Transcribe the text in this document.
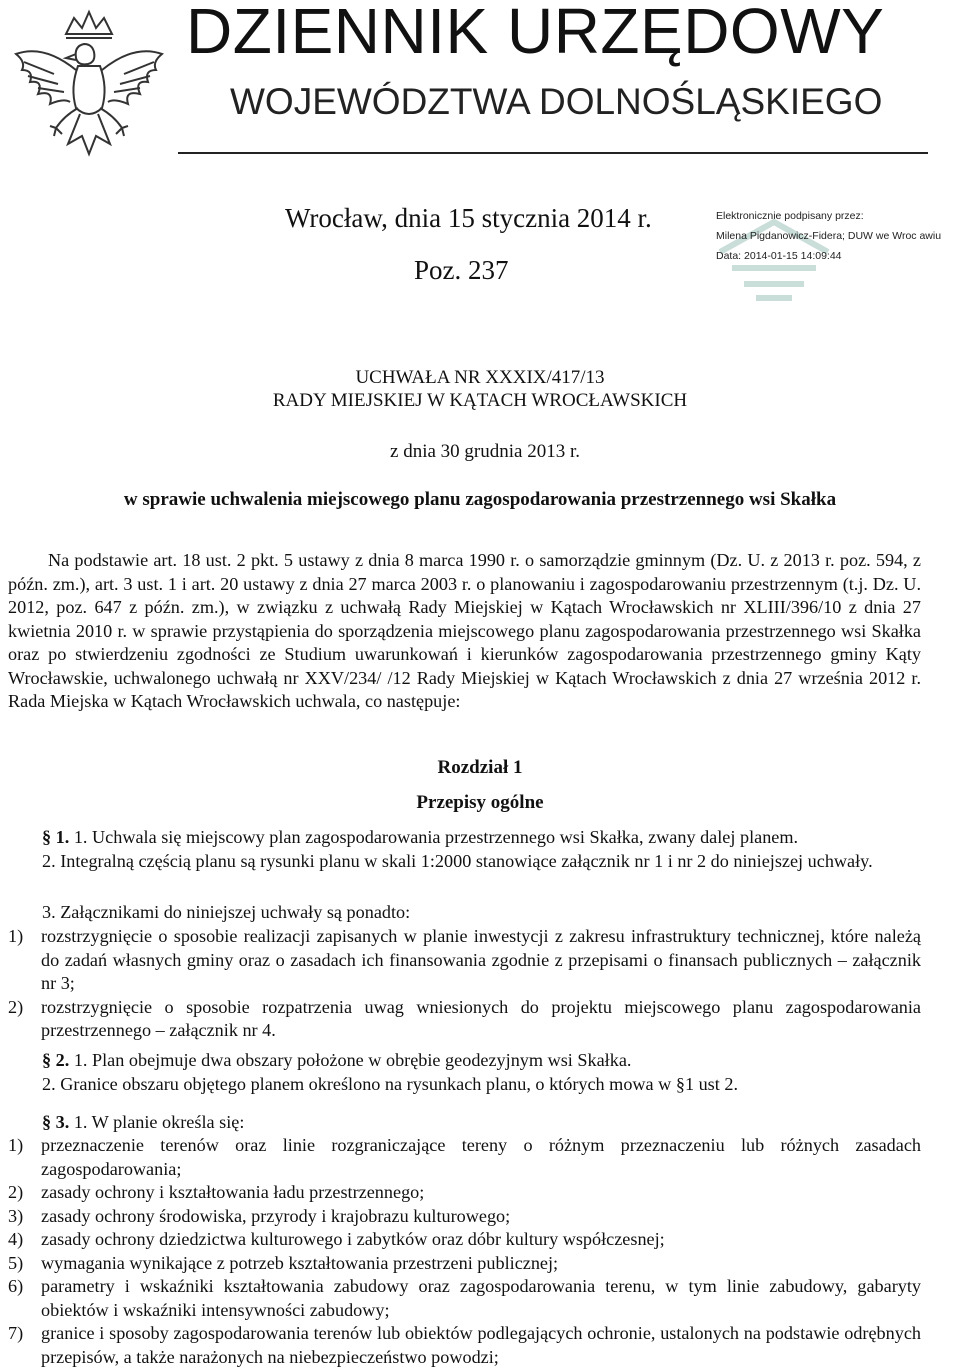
DZIENNIK URZĘDOWY
WOJEWÓDZTWA DOLNOŚLĄSKIEGO
Wrocław, dnia 15 stycznia 2014 r.
Poz. 237
Elektronicznie podpisany przez:
Milena Pigdanowicz-Fidera; DUW we Wroc awiu
Data: 2014-01-15 14:09:44
UCHWAŁA NR XXXIX/417/13
RADY MIEJSKIEJ W KĄTACH WROCŁAWSKICH
z dnia 30 grudnia 2013 r.
w sprawie uchwalenia miejscowego planu zagospodarowania przestrzennego wsi Skałka
Na podstawie art. 18 ust. 2 pkt. 5 ustawy z dnia 8 marca 1990 r. o samorządzie gminnym (Dz. U. z 2013 r. poz. 594, z późn. zm.), art. 3 ust. 1 i art. 20 ustawy z dnia 27 marca 2003 r. o planowaniu i zagospodarowaniu przestrzennym (t.j. Dz. U. 2012, poz. 647 z późn. zm.), w związku z uchwałą Rady Miejskiej w Kątach Wrocławskich nr XLIII/396/10 z dnia 27 kwietnia 2010 r. w sprawie przystąpienia do sporządzenia miejscowego planu zagospodarowania przestrzennego wsi Skałka oraz po stwierdzeniu zgodności ze Studium uwarunkowań i kierunków zagospodarowania przestrzennego gminy Kąty Wrocławskie, uchwalonego uchwałą nr XXV/234/ /12 Rady Miejskiej w Kątach Wrocławskich z dnia 27 września 2012 r. Rada Miejska w Kątach Wrocławskich uchwala, co następuje:
Rozdział 1
Przepisy ogólne
§ 1. 1. Uchwala się miejscowy plan zagospodarowania przestrzennego wsi Skałka, zwany dalej planem.
2. Integralną częścią planu są rysunki planu w skali 1:2000 stanowiące załącznik nr 1 i nr 2 do niniejszej uchwały.
3. Załącznikami do niniejszej uchwały są ponadto:
1) rozstrzygnięcie o sposobie realizacji zapisanych w planie inwestycji z zakresu infrastruktury technicznej, które należą do zadań własnych gminy oraz o zasadach ich finansowania zgodnie z przepisami o finansach publicznych – załącznik nr 3;
2) rozstrzygnięcie o sposobie rozpatrzenia uwag wniesionych do projektu miejscowego planu zagospodarowania przestrzennego – załącznik nr 4.
§ 2. 1. Plan obejmuje dwa obszary położone w obrębie geodezyjnym wsi Skałka.
2. Granice obszaru objętego planem określono na rysunkach planu, o których mowa w §1 ust 2.
§ 3. 1. W planie określa się:
1) przeznaczenie terenów oraz linie rozgraniczające tereny o różnym przeznaczeniu lub różnych zasadach zagospodarowania;
2) zasady ochrony i kształtowania ładu przestrzennego;
3) zasady ochrony środowiska, przyrody i krajobrazu kulturowego;
4) zasady ochrony dziedzictwa kulturowego i zabytków oraz dóbr kultury współczesnej;
5) wymagania wynikające z potrzeb kształtowania przestrzeni publicznej;
6) parametry i wskaźniki kształtowania zabudowy oraz zagospodarowania terenu, w tym linie zabudowy, gabaryty obiektów i wskaźniki intensywności zabudowy;
7) granice i sposoby zagospodarowania terenów lub obiektów podlegających ochronie, ustalonych na podstawie odrębnych przepisów, a także narażonych na niebezpieczeństwo powodzi;
